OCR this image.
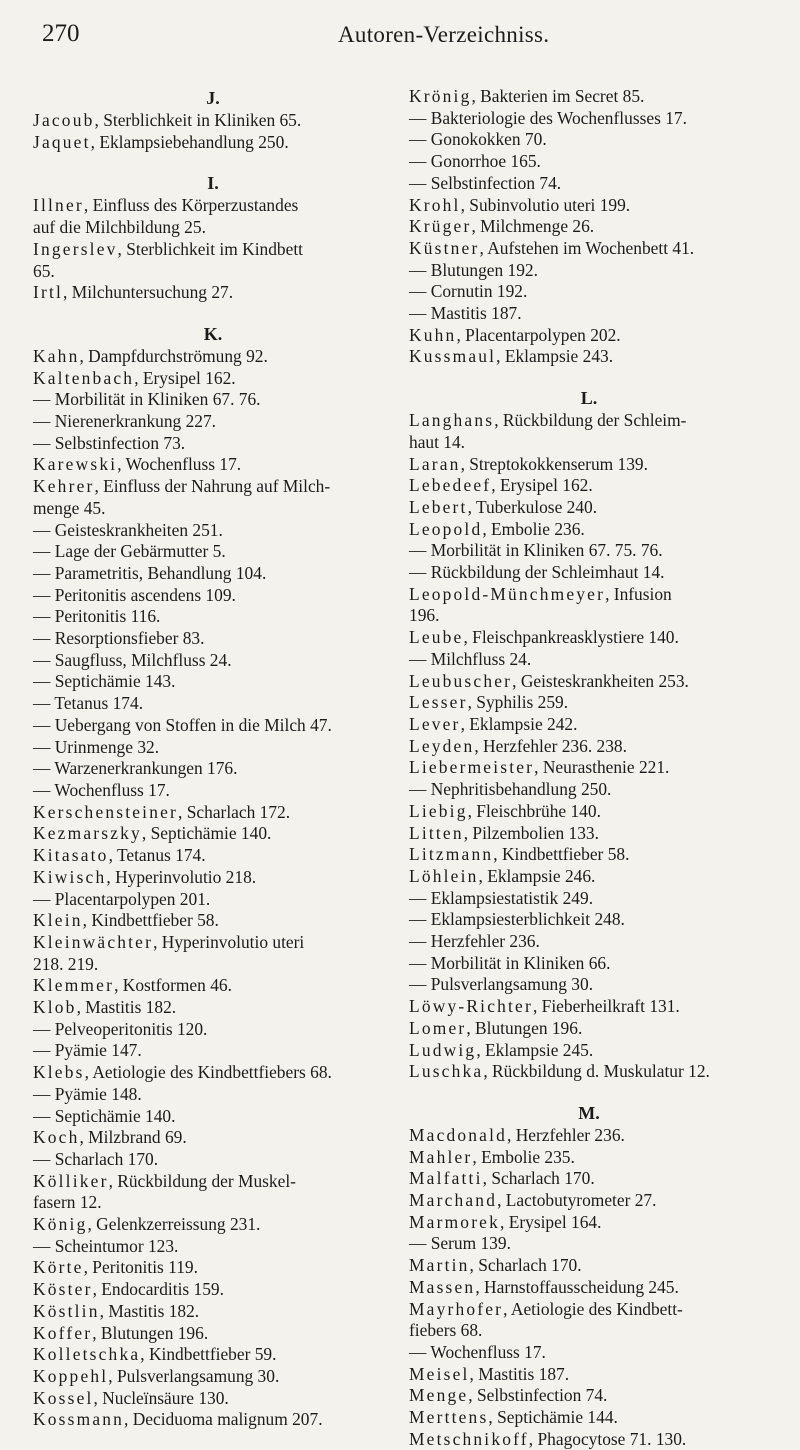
270	Autoren-Verzeichniss.
J.
Jacoub, Sterblichkeit in Kliniken 65.
Jaquet, Eklampsiebehandlung 250.
I.
Illner, Einfluss des Körperzustandes
auf die Milchbildung 25.
Ingerslev, Sterblichkeit im Kindbett
65.
Irtl, Milchuntersuchung 27.
K.
Kahn, Dampfdurchströmung 92.
Kaltenbach, Erysipel 162.
— Morbilität in Kliniken 67. 76.
— Nierenerkrankung 227.
— Selbstinfection 73.
Karewski, Wochenfluss 17.
Kehrer, Einfluss der Nahrung auf Milch-
menge 45.
— Geisteskrankheiten 251.
— Lage der Gebärmutter 5.
— Parametritis, Behandlung 104.
— Peritonitis ascendens 109.
— Peritonitis 116.
— Resorptionsfieber 83.
— Saugfluss, Milchfluss 24.
— Septichämie 143.
— Tetanus 174.
— Uebergang von Stoffen in die Milch 47.
— Urinmenge 32.
— Warzenerkrankungen 176.
— Wochenfluss 17.
Kerschensteiner, Scharlach 172.
Kezmarszky, Septichämie 140.
Kitasato, Tetanus 174.
Kiwisch, Hyperinvolutio 218.
— Placentarpolypen 201.
Klein, Kindbettfieber 58.
Kleinwächter, Hyperinvolutio uteri
218. 219.
Klemmer, Kostformen 46.
Klob, Mastitis 182.
— Pelveoperitonitis 120.
— Pyämie 147.
Klebs, Aetiologie des Kindbettfiebers 68.
— Pyämie 148.
— Septichämie 140.
Koch, Milzbrand 69.
— Scharlach 170.
Kölliker, Rückbildung der Muskel-
fasern 12.
König, Gelenkzerreissung 231.
— Scheintumor 123.
Körte, Peritonitis 119.
Köster, Endocarditis 159.
Köstlin, Mastitis 182.
Koffer, Blutungen 196.
Kolletschka, Kindbettfieber 59.
Koppehl, Pulsverlangsamung 30.
Kossel, Nucleïnsäure 130.
Kossmann, Deciduoma malignum 207.
Krönig, Bakterien im Secret 85.
— Bakteriologie des Wochenflusses 17.
— Gonokokken 70.
— Gonorrhoe 165.
— Selbstinfection 74.
Krohl, Subinvolutio uteri 199.
Krüger, Milchmenge 26.
Küstner, Aufstehen im Wochenbett 41.
— Blutungen 192.
— Cornutin 192.
— Mastitis 187.
Kuhn, Placentarpolypen 202.
Kussmaul, Eklampsie 243.
L.
Langhans, Rückbildung der Schleim-
haut 14.
Laran, Streptokokkenserum 139.
Lebedeef, Erysipel 162.
Lebert, Tuberkulose 240.
Leopold, Embolie 236.
— Morbilität in Kliniken 67. 75. 76.
— Rückbildung der Schleimhaut 14.
Leopold-Münchmeyer, Infusion
196.
Leube, Fleischpankreasklystiere 140.
— Milchfluss 24.
Leubuscher, Geisteskrankheiten 253.
Lesser, Syphilis 259.
Lever, Eklampsie 242.
Leyden, Herzfehler 236. 238.
Liebermeister, Neurasthenie 221.
— Nephritisbehandlung 250.
Liebig, Fleischbrühe 140.
Litten, Pilzembolien 133.
Litzmann, Kindbettfieber 58.
Löhlein, Eklampsie 246.
— Eklampsiestatistik 249.
— Eklampsiesterblichkeit 248.
— Herzfehler 236.
— Morbilität in Kliniken 66.
— Pulsverlangsamung 30.
Löwy-Richter, Fieberheilkraft 131.
Lomer, Blutungen 196.
Ludwig, Eklampsie 245.
Luschka, Rückbildung d. Muskulatur 12.
M.
Macdonald, Herzfehler 236.
Mahler, Embolie 235.
Malfatti, Scharlach 170.
Marchand, Lactobutyrometer 27.
Marmorek, Erysipel 164.
— Serum 139.
Martin, Scharlach 170.
Massen, Harnstoffausscheidung 245.
Mayrhofer, Aetiologie des Kindbett-
fiebers 68.
— Wochenfluss 17.
Meisel, Mastitis 187.
Menge, Selbstinfection 74.
Merttens, Septichämie 144.
Metschnikoff, Phagocytose 71. 130.
